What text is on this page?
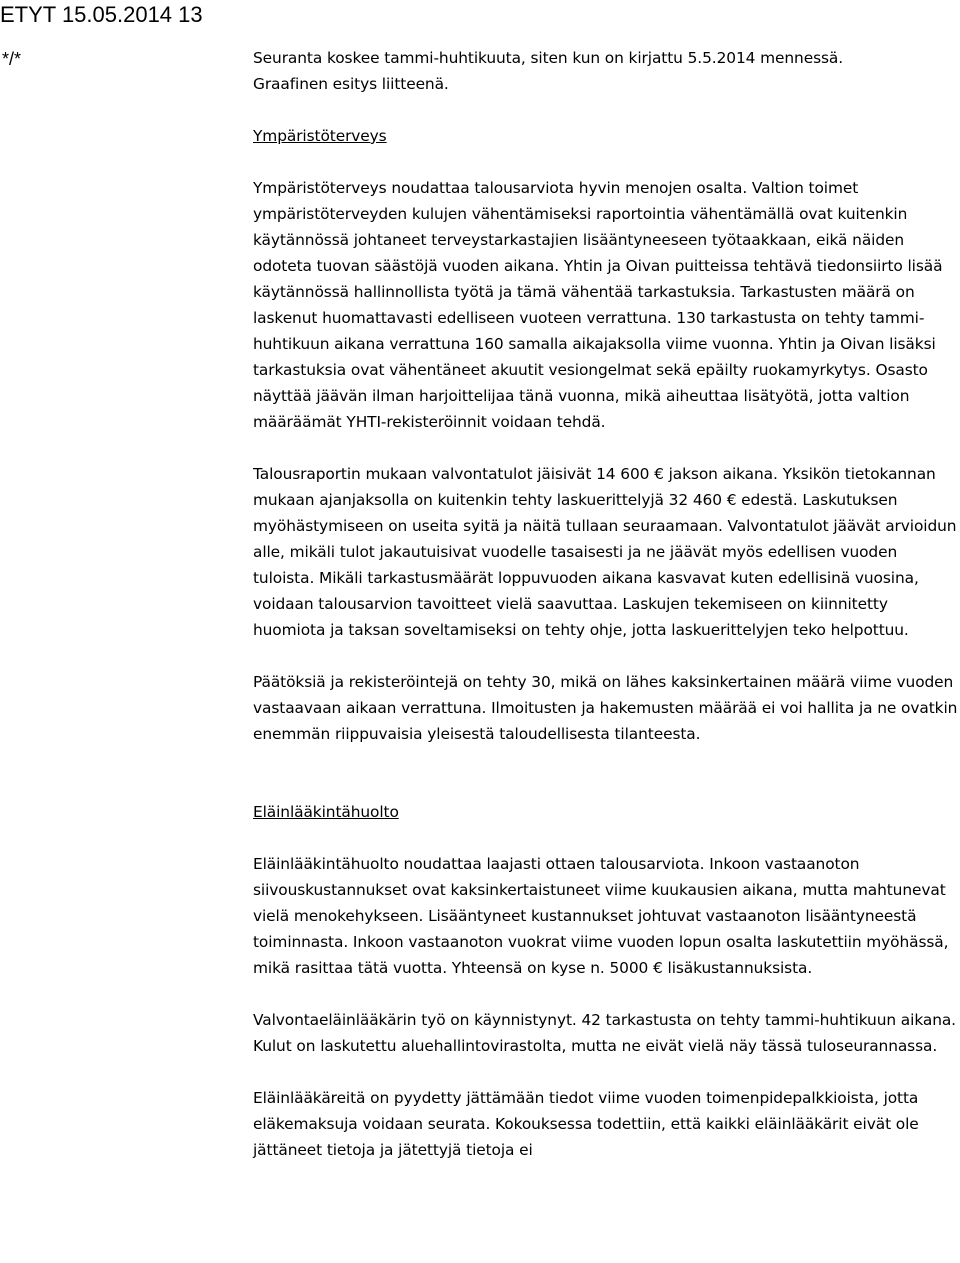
ETYT 15.05.2014 13
*/*	Seuranta koskee tammi-huhtikuuta, siten kun on kirjattu 5.5.2014 mennessä.

Graafinen esitys liitteenä.

Ympäristöterveys

Ympäristöterveys noudattaa talousarviota hyvin menojen osalta. Valtion toimet ympäristöterveyden kulujen vähentämiseksi raportointia vähentämällä ovat kuitenkin käytännössä johtaneet terveystarkastajien lisääntyneeseen työtaakkaan, eikä näiden odoteta tuovan säästöjä vuoden aikana. Yhtin ja Oivan puitteissa tehtävä tiedonsiirto lisää käytännössä hallinnollista työtä ja tämä vähentää tarkastuksia. Tarkastusten määrä on laskenut huomattavasti edelliseen vuoteen verrattuna. 130 tarkastusta on tehty tammi-huhtikuun aikana verrattuna 160 samalla aikajaksolla viime vuonna. Yhtin ja Oivan lisäksi tarkastuksia ovat vähentäneet akuutit vesiongelmat sekä epäilty ruokamyrkytys. Osasto näyttää jäävän ilman harjoittelijaa tänä vuonna, mikä aiheuttaa lisätyötä, jotta valtion määräämät YHTI-rekisteröinnit voidaan tehdä.

Talousraportin mukaan valvontatulot jäisivät 14 600 € jakson aikana. Yksikön tietokannan mukaan ajanjaksolla on kuitenkin tehty laskuerittelyjä 32 460 € edestä. Laskutuksen myöhästymiseen on useita syitä ja näitä tullaan seuraamaan. Valvontatulot jäävät arvioidun alle, mikäli tulot jakautuisivat vuodelle tasaisesti ja ne jäävät myös edellisen vuoden tuloista. Mikäli tarkastusmäärät loppuvuoden aikana kasvavat kuten edellisinä vuosina, voidaan talousarvion tavoitteet vielä saavuttaa. Laskujen tekemiseen on kiinnitetty huomiota ja taksan soveltamiseksi on tehty ohje, jotta laskuerittelyjen teko helpottuu.

Päätöksiä ja rekisteröintejä on tehty 30, mikä on lähes kaksinkertainen määrä viime vuoden vastaavaan aikaan verrattuna. Ilmoitusten ja hakemusten määrää ei voi hallita ja ne ovatkin enemmän riippuvaisia yleisestä taloudellisesta tilanteesta.

Eläinlääkintähuolto

Eläinlääkintähuolto noudattaa laajasti ottaen talousarviota. Inkoon vastaanoton siivouskustannukset ovat kaksinkertaistuneet viime kuukausien aikana, mutta mahtunevat vielä menokehykseen. Lisääntyneet kustannukset johtuvat vastaanoton lisääntyneestä toiminnasta. Inkoon vastaanoton vuokrat viime vuoden lopun osalta laskutettiin myöhässä, mikä rasittaa tätä vuotta. Yhteensä on kyse n. 5000 € lisäkustannuksista.

Valvontaeläinlääkärin työ on käynnistynyt. 42 tarkastusta on tehty tammi-huhtikuun aikana. Kulut on laskutettu aluehallintovirastolta, mutta ne eivät vielä näy tässä tuloseurannassa.

Eläinlääkäreitä on pyydetty jättämään tiedot viime vuoden toimenpidepalkkioista, jotta eläkemaksuja voidaan seurata. Kokouksessa todettiin, että kaikki eläinlääkärit eivät ole jättäneet tietoja ja jätettyjä tietoja ei
